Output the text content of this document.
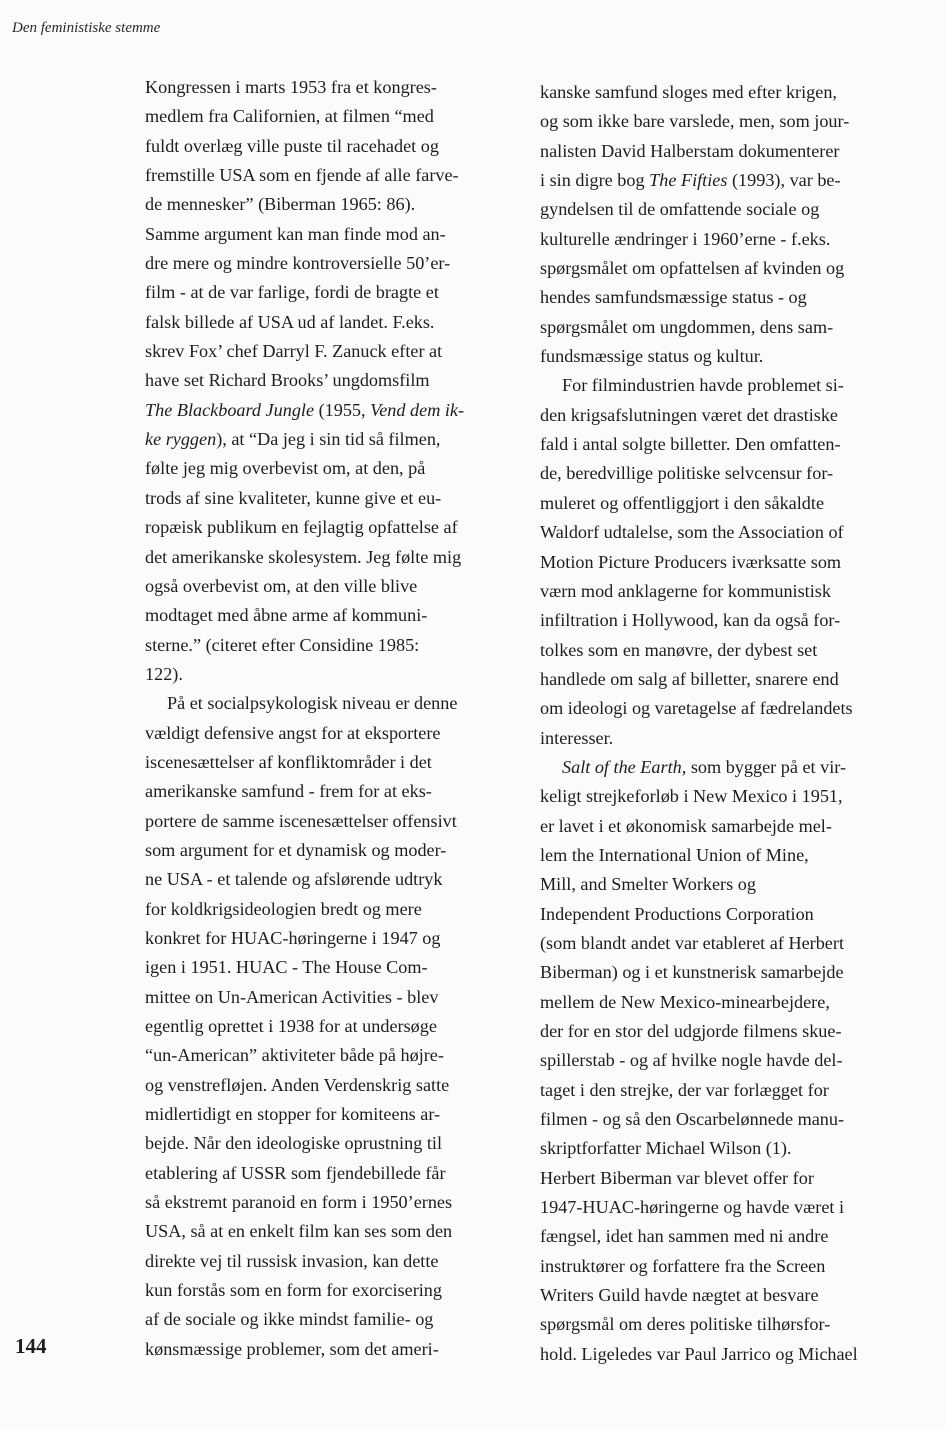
Den feministiske stemme
Kongressen i marts 1953 fra et kongres-
medlem fra Californien, at filmen “med
fuldt overlæg ville puste til racehadet og
fremstille USA som en fjende af alle farve-
de mennesker” (Biberman 1965: 86).
Samme argument kan man finde mod an-
dre mere og mindre kontroversielle 50’er-
film - at de var farlige, fordi de bragte et
falsk billede af USA ud af landet. F.eks.
skrev Fox’ chef Darryl F. Zanuck efter at
have set Richard Brooks’ ungdomsfilm
The Blackboard Jungle (1955, Vend dem ik-
ke ryggen), at “Da jeg i sin tid så filmen,
følte jeg mig overbevist om, at den, på
trods af sine kvaliteter, kunne give et eu-
ropæisk publikum en fejlagtig opfattelse af
det amerikanske skolesystem. Jeg følte mig
også overbevist om, at den ville blive
modtaget med åbne arme af kommuni-
sterne.” (citeret efter Considine 1985:
122).
På et socialpsykologisk niveau er denne
vældigt defensive angst for at eksportere
iscenesættelser af konfliktområder i det
amerikanske samfund - frem for at eks-
portere de samme iscenesættelser offensivt
som argument for et dynamisk og moder-
ne USA - et talende og afslørende udtryk
for koldkrigsideologien bredt og mere
konkret for HUAC-høringerne i 1947 og
igen i 1951. HUAC - The House Com-
mittee on Un-American Activities - blev
egentlig oprettet i 1938 for at undersøge
“un-American” aktiviteter både på højre-
og venstrefløjen. Anden Verdenskrig satte
midlertidigt en stopper for komiteens ar-
bejde. Når den ideologiske oprustning til
etablering af USSR som fjendebillede får
så ekstremt paranoid en form i 1950’ernes
USA, så at en enkelt film kan ses som den
direkte vej til russisk invasion, kan dette
kun forstås som en form for exorcisering
af de sociale og ikke mindst familie- og
kønsmæssige problemer, som det ameri-
kanske samfund sloges med efter krigen,
og som ikke bare varslede, men, som jour-
nalisten David Halberstam dokumenterer
i sin digre bog The Fifties (1993), var be-
gyndelsen til de omfattende sociale og
kulturelle ændringer i 1960’erne - f.eks.
spørgsmålet om opfattelsen af kvinden og
hendes samfundsmæssige status - og
spørgsmålet om ungdommen, dens sam-
fundsmæssige status og kultur.
For filmindustrien havde problemet si-
den krigsafslutningen været det drastiske
fald i antal solgte billetter. Den omfatten-
de, beredvillige politiske selvcensur for-
muleret og offentliggjort i den såkaldte
Waldorf udtalelse, som the Association of
Motion Picture Producers iværksatte som
værn mod anklagerne for kommunistisk
infiltration i Hollywood, kan da også for-
tolkes som en manøvre, der dybest set
handlede om salg af billetter, snarere end
om ideologi og varetagelse af fædrelandets
interesser.
Salt of the Earth, som bygger på et vir-
keligt strejkeforløb i New Mexico i 1951,
er lavet i et økonomisk samarbejde mel-
lem the International Union of Mine,
Mill, and Smelter Workers og
Independent Productions Corporation
(som blandt andet var etableret af Herbert
Biberman) og i et kunstnerisk samarbejde
mellem de New Mexico-minearbejdere,
der for en stor del udgjorde filmens skue-
spillerstab - og af hvilke nogle havde del-
taget i den strejke, der var forlægget for
filmen - og så den Oscarbelønnede manu-
skriptforfatter Michael Wilson (1).
Herbert Biberman var blevet offer for
1947-HUAC-høringerne og havde været i
fængsel, idet han sammen med ni andre
instruktører og forfattere fra the Screen
Writers Guild havde nægtet at besvare
spørgsmål om deres politiske tilhørsfor-
hold. Ligeledes var Paul Jarrico og Michael
144
